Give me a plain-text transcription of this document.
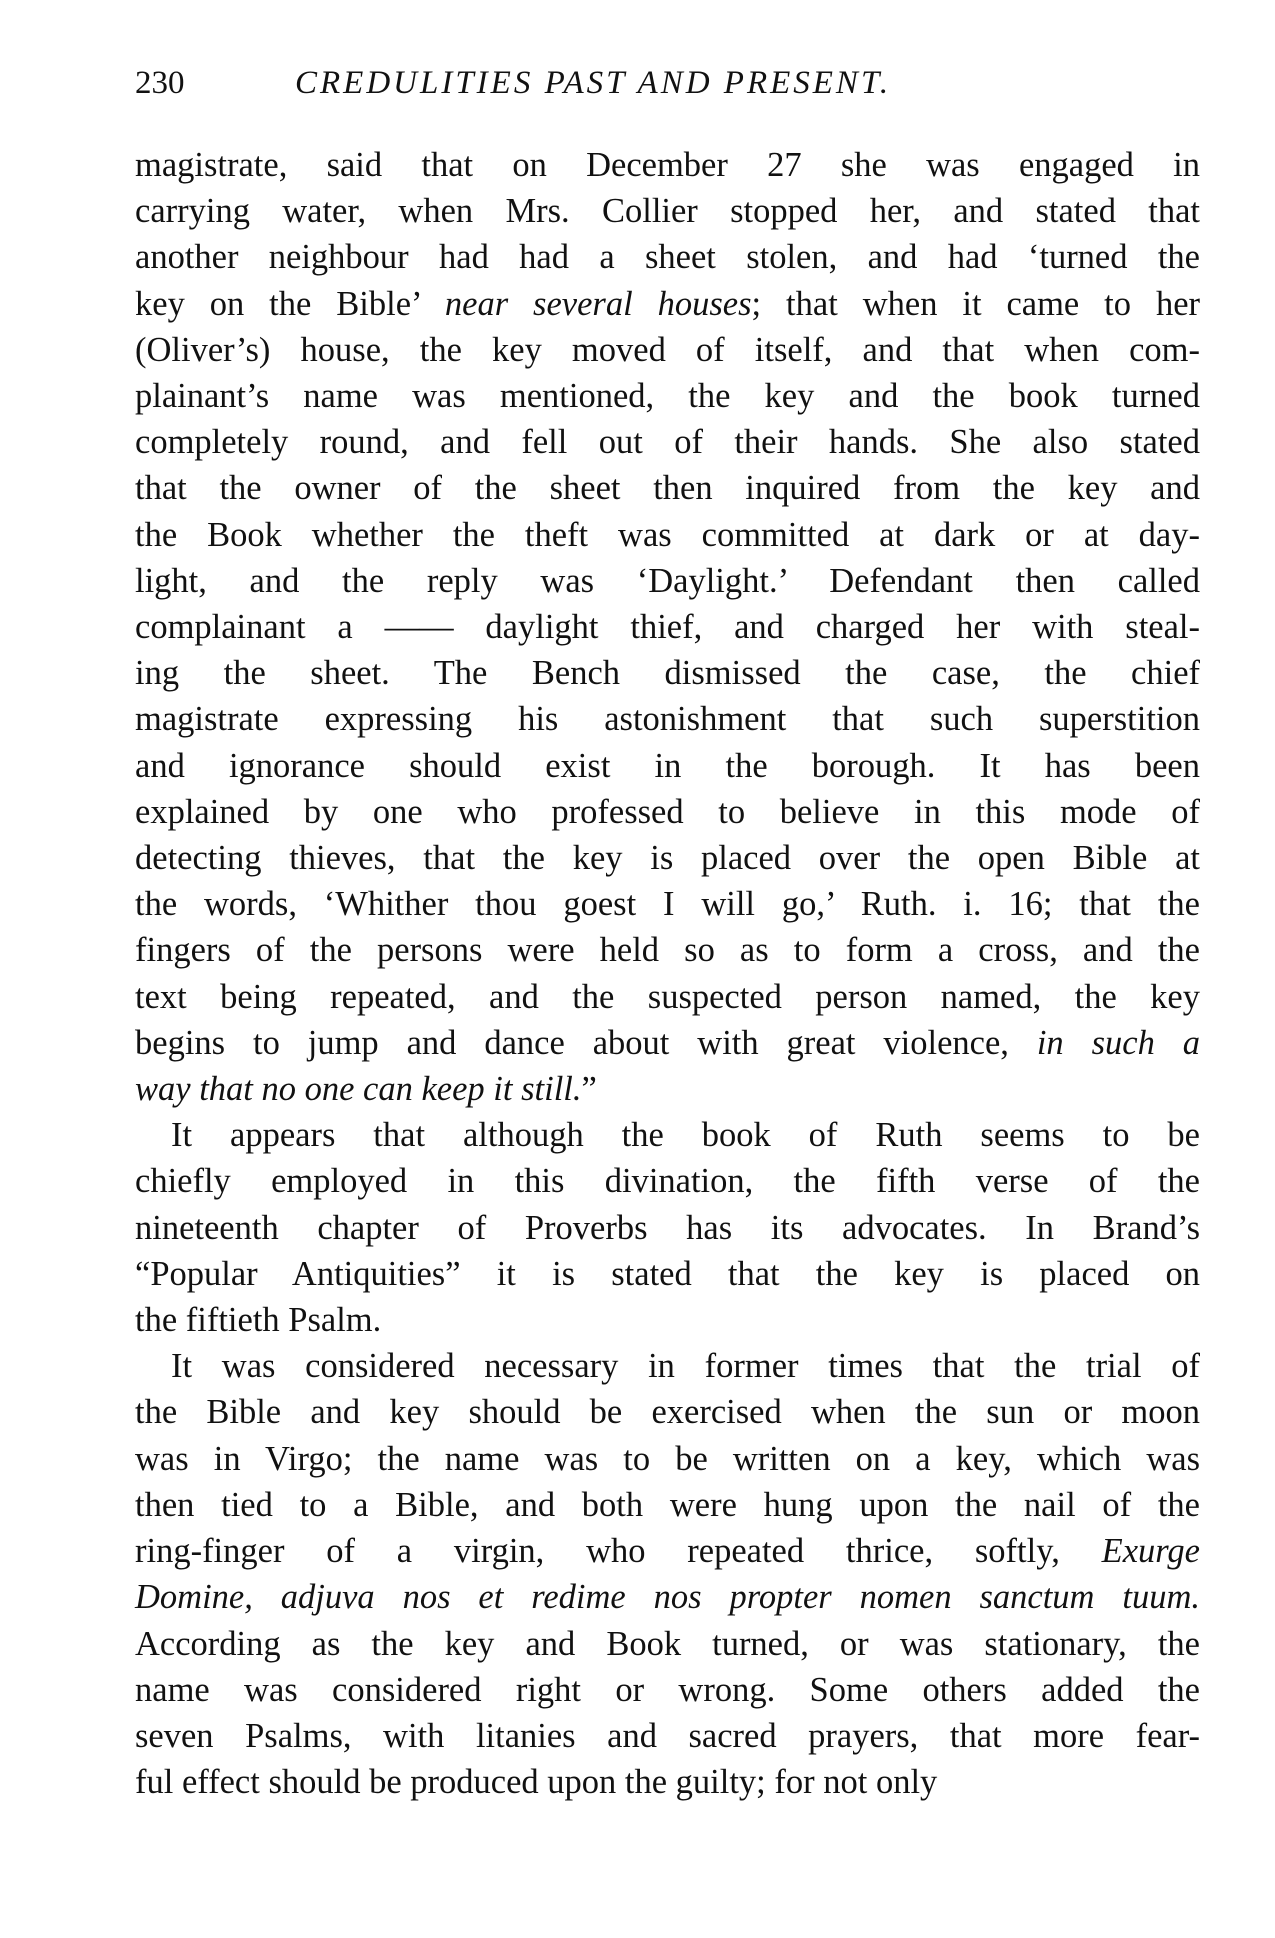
230	CREDULITIES PAST AND PRESENT.
magistrate, said that on December 27 she was engaged in
carrying water, when Mrs. Collier stopped her, and stated that
another neighbour had had a sheet stolen, and had ‘turned the
key on the Bible’ near several houses; that when it came to her
(Oliver’s) house, the key moved of itself, and that when com-
plainant’s name was mentioned, the key and the book turned
completely round, and fell out of their hands. She also stated
that the owner of the sheet then inquired from the key and
the Book whether the theft was committed at dark or at day-
light, and the reply was ‘Daylight.’ Defendant then called
complainant a —— daylight thief, and charged her with steal-
ing the sheet. The Bench dismissed the case, the chief
magistrate expressing his astonishment that such superstition
and ignorance should exist in the borough. It has been
explained by one who professed to believe in this mode of
detecting thieves, that the key is placed over the open Bible at
the words, ‘Whither thou goest I will go,’ Ruth. i. 16; that the
fingers of the persons were held so as to form a cross, and the
text being repeated, and the suspected person named, the key
begins to jump and dance about with great violence, in such a
way that no one can keep it still.”
It appears that although the book of Ruth seems to be
chiefly employed in this divination, the fifth verse of the
nineteenth chapter of Proverbs has its advocates. In Brand’s
“Popular Antiquities” it is stated that the key is placed on
the fiftieth Psalm.
It was considered necessary in former times that the trial of
the Bible and key should be exercised when the sun or moon
was in Virgo; the name was to be written on a key, which was
then tied to a Bible, and both were hung upon the nail of the
ring-finger of a virgin, who repeated thrice, softly, Exurge
Domine, adjuva nos et redime nos propter nomen sanctum tuum.
According as the key and Book turned, or was stationary, the
name was considered right or wrong. Some others added the
seven Psalms, with litanies and sacred prayers, that more fear-
ful effect should be produced upon the guilty; for not only
